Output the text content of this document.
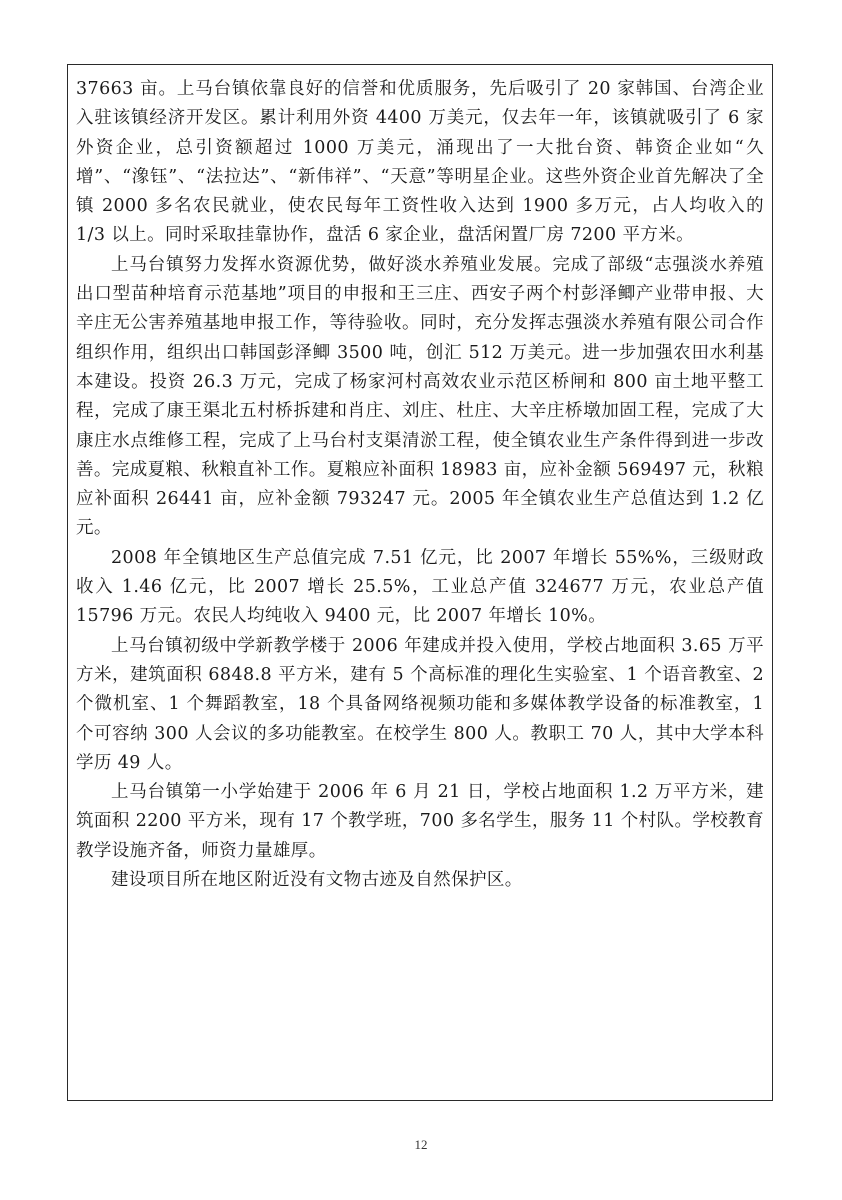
37663 亩。上马台镇依靠良好的信誉和优质服务，先后吸引了 20 家韩国、台湾企业入驻该镇经济开发区。累计利用外资 4400 万美元，仅去年一年，该镇就吸引了 6 家外资企业，总引资额超过 1000 万美元，涌现出了一大批台资、韩资企业如“久增”、“潒钰”、“法拉达”、“新伟祥”、“天意”等明星企业。这些外资企业首先解决了全镇 2000 多名农民就业，使农民每年工资性收入达到 1900 多万元，占人均收入的 1/3 以上。同时采取挂靠协作，盘活 6 家企业，盘活闲置厂房 7200 平方米。

上马台镇努力发挥水资源优势，做好淡水养殖业发展。完成了部级“志强淡水养殖出口型苗种培育示范基地”项目的申报和王三庄、西安子两个村彭泽鲫产业带申报、大辛庄无公害养殖基地申报工作，等待验收。同时，充分发挥志强淡水养殖有限公司合作组织作用，组织出口韩国彭泽鲫 3500 吨，创汇 512 万美元。进一步加强农田水利基本建设。投资 26.3 万元，完成了杨家河村高效农业示范区桥闸和 800 亩土地平整工程，完成了康王渠北五村桥拆建和肖庄、刘庄、杜庄、大辛庄桥墩加固工程，完成了大康庄水点维修工程，完成了上马台村支渠清淤工程，使全镇农业生产条件得到进一步改善。完成夏粮、秋粮直补工作。夏粮应补面积 18983 亩，应补金额 569497 元，秋粮应补面积 26441 亩，应补金额 793247 元。2005 年全镇农业生产总值达到 1.2 亿元。

2008 年全镇地区生产总值完成 7.51 亿元，比 2007 年增长 55%%，三级财政收入 1.46 亿元，比 2007 增长 25.5%，工业总产值 324677 万元，农业总产值 15796 万元。农民人均纯收入 9400 元，比 2007 年增长 10%。

上马台镇初级中学新教学楼于 2006 年建成并投入使用，学校占地面积 3.65 万平方米，建筑面积 6848.8 平方米，建有 5 个高标准的理化生实验室、1 个语音教室、2 个微机室、1 个舞蹈教室，18 个具备网络视频功能和多媒体教学设备的标准教室，1 个可容纳 300 人会议的多功能教室。在校学生 800 人。教职工 70 人，其中大学本科学历 49 人。

上马台镇第一小学始建于 2006 年 6 月 21 日，学校占地面积 1.2 万平方米，建筑面积 2200 平方米，现有 17 个教学班，700 多名学生，服务 11 个村队。学校教育教学设施齐备，师资力量雄厚。

建设项目所在地区附近没有文物古迹及自然保护区。

12
